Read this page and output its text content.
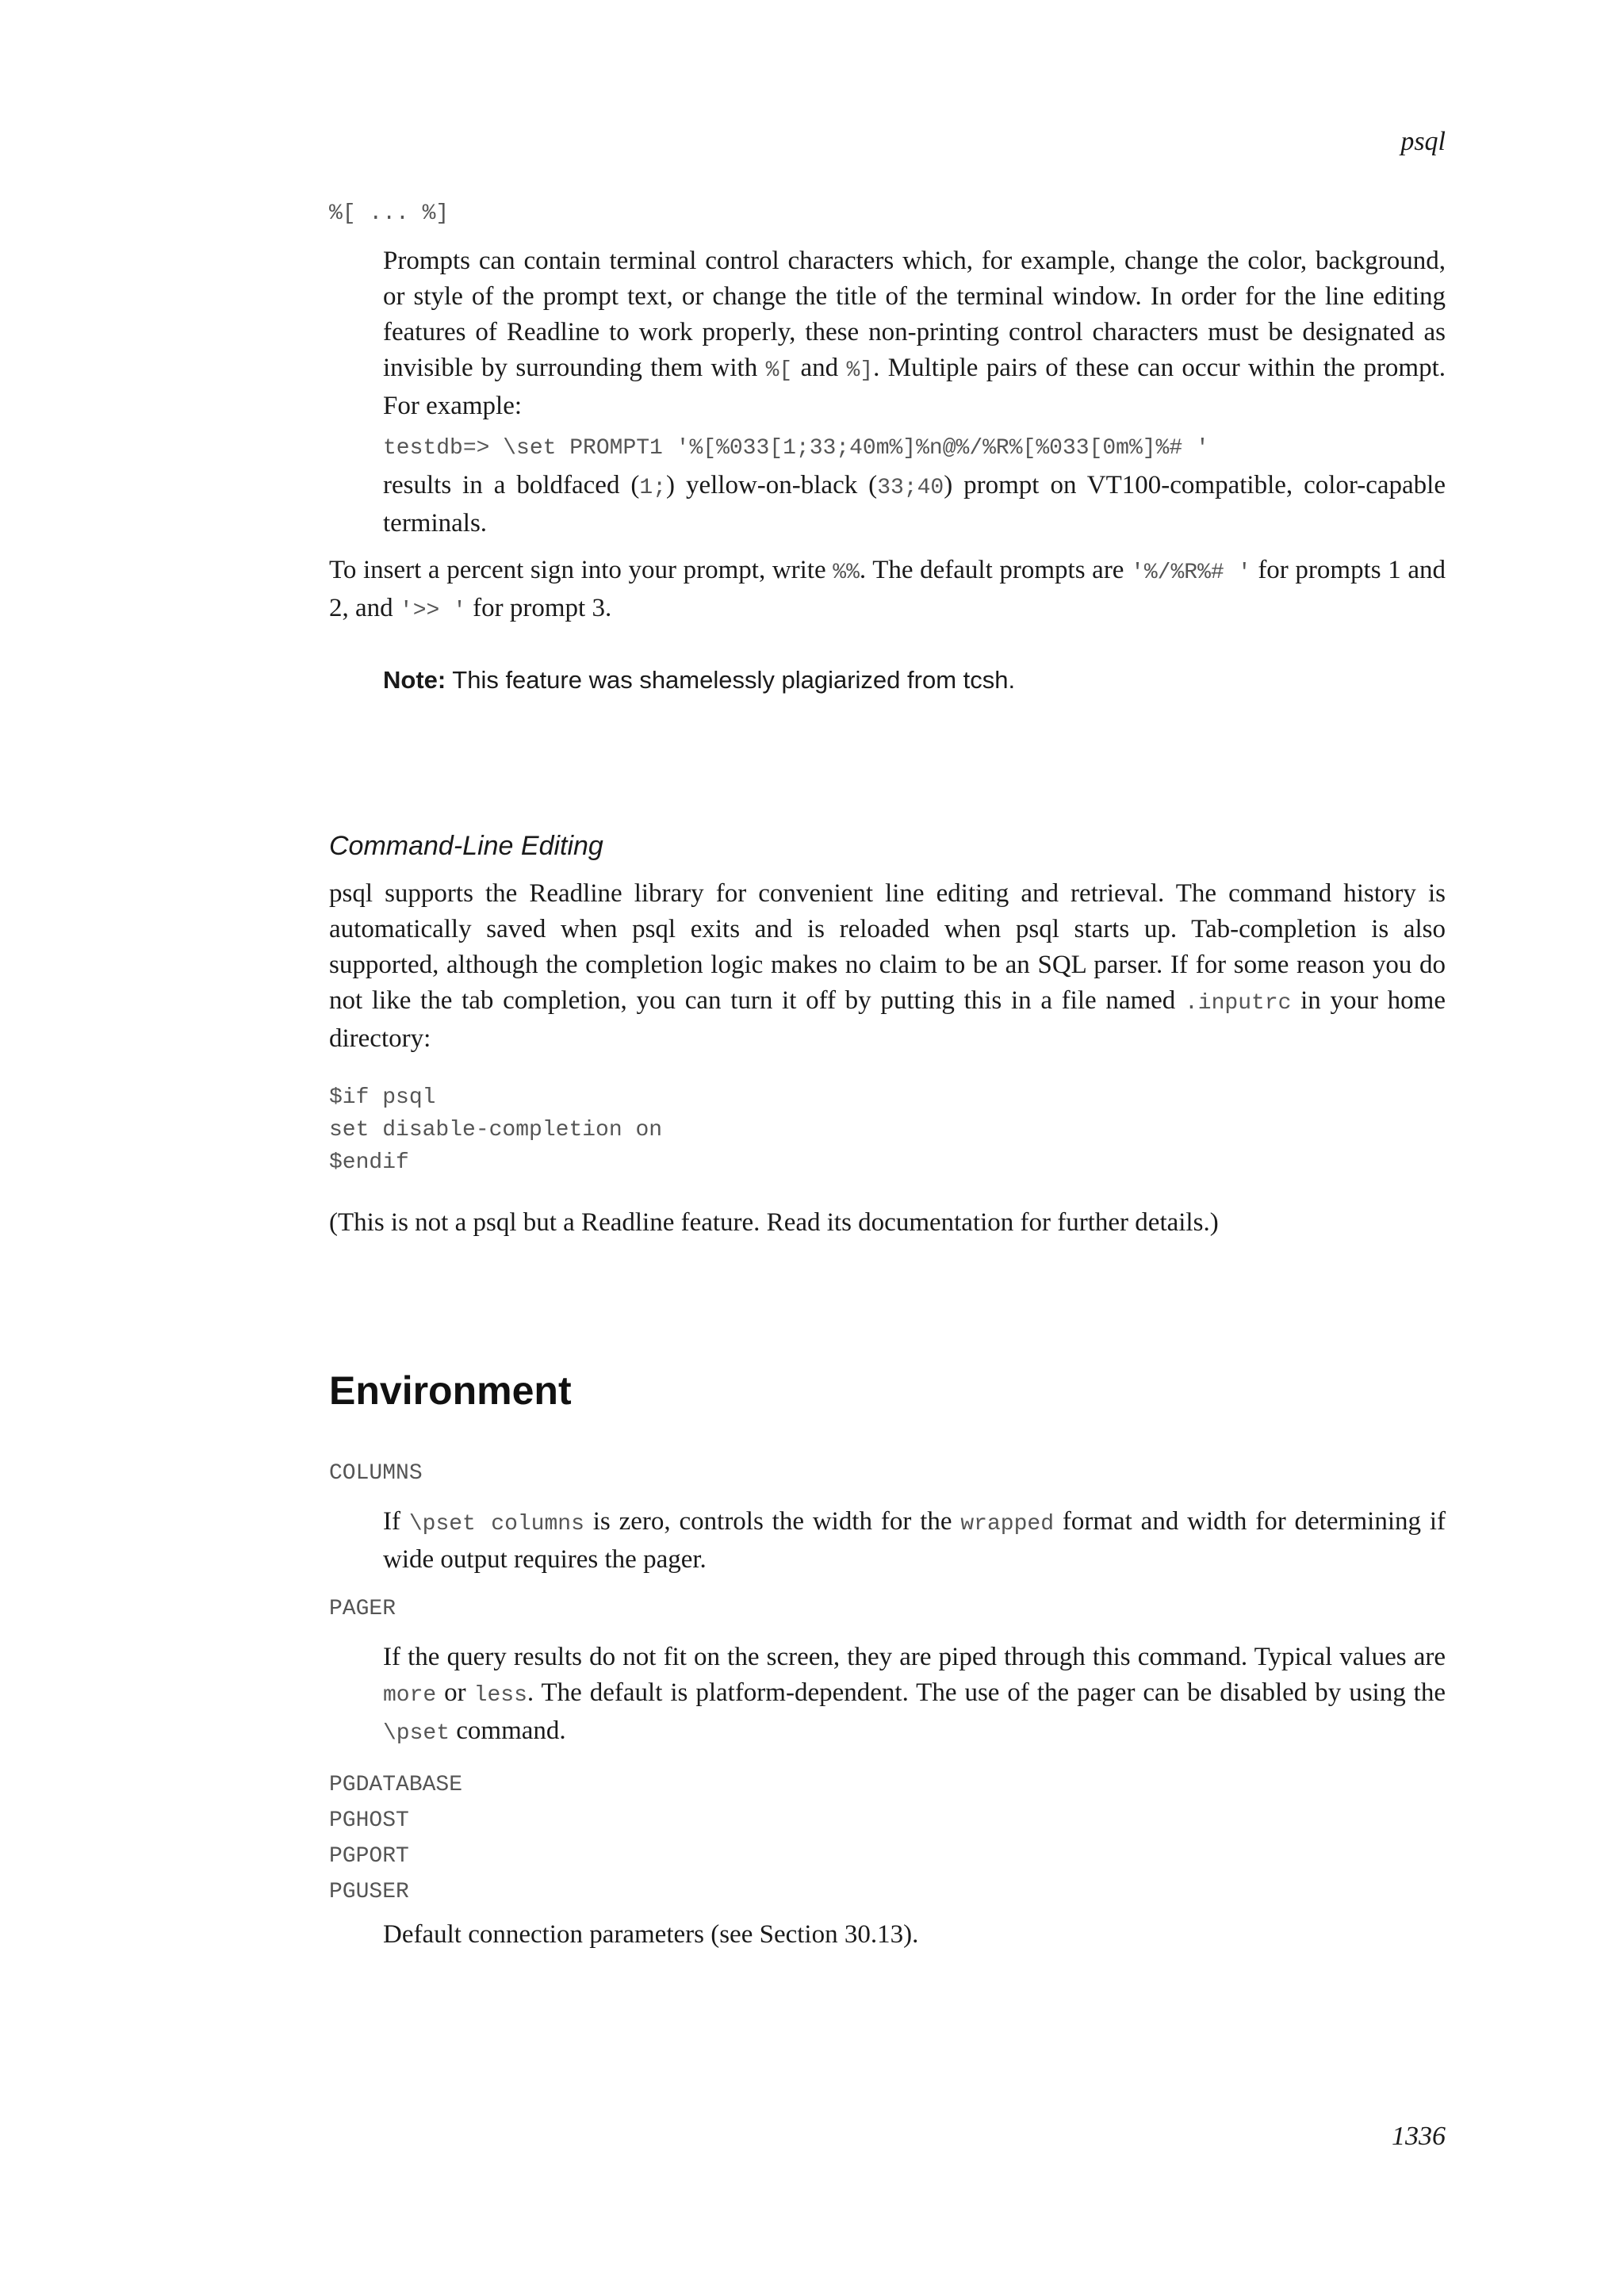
psql
%[ ... %]
Prompts can contain terminal control characters which, for example, change the color, background, or style of the prompt text, or change the title of the terminal window. In order for the line editing features of Readline to work properly, these non-printing control characters must be designated as invisible by surrounding them with %[ and %]. Multiple pairs of these can occur within the prompt. For example:
testdb=> \set PROMPT1 '%[%033[1;33;40m%]%n@%/%R%[%033[0m%]%# '
results in a boldfaced (1;) yellow-on-black (33;40) prompt on VT100-compatible, color-capable terminals.
To insert a percent sign into your prompt, write %%. The default prompts are '%/%R%# ' for prompts 1 and 2, and '>> ' for prompt 3.
Note: This feature was shamelessly plagiarized from tcsh.
Command-Line Editing
psql supports the Readline library for convenient line editing and retrieval. The command history is automatically saved when psql exits and is reloaded when psql starts up. Tab-completion is also supported, although the completion logic makes no claim to be an SQL parser. If for some reason you do not like the tab completion, you can turn it off by putting this in a file named .inputrc in your home directory:
$if psql
set disable-completion on
$endif
(This is not a psql but a Readline feature. Read its documentation for further details.)
Environment
COLUMNS
If \pset columns is zero, controls the width for the wrapped format and width for determining if wide output requires the pager.
PAGER
If the query results do not fit on the screen, they are piped through this command. Typical values are more or less. The default is platform-dependent. The use of the pager can be disabled by using the \pset command.
PGDATABASE
PGHOST
PGPORT
PGUSER
Default connection parameters (see Section 30.13).
1336
